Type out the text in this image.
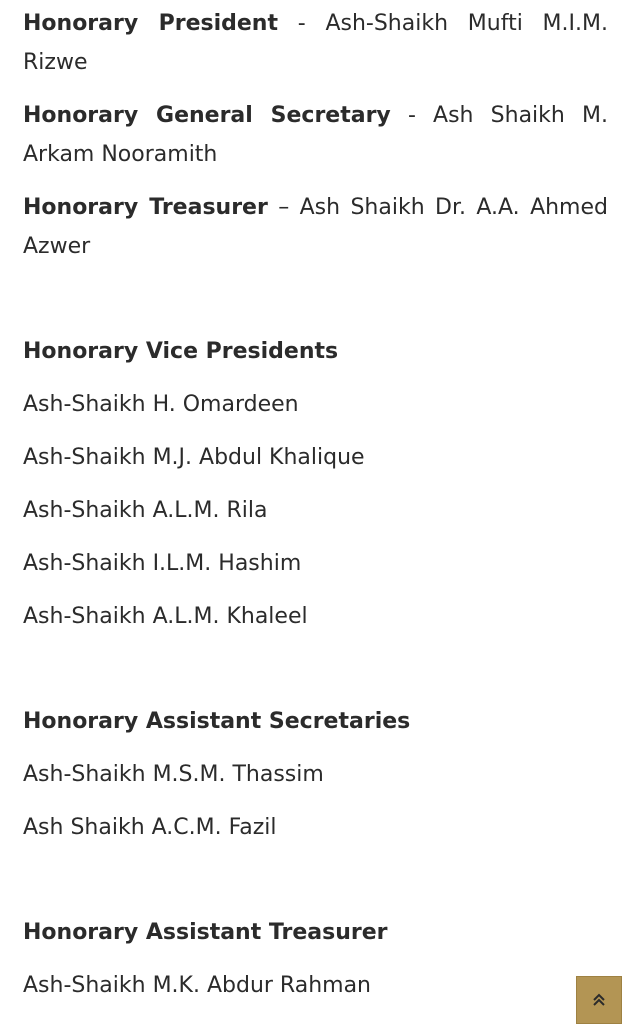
Honorary President - Ash-Shaikh Mufti M.I.M. Rizwe

Honorary General Secretary - Ash Shaikh M. Arkam Nooramith

Honorary Treasurer – Ash Shaikh Dr. A.A. Ahmed Azwer

Honorary Vice Presidents

Ash-Shaikh H. Omardeen

Ash-Shaikh M.J. Abdul Khalique

Ash-Shaikh A.L.M. Rila

Ash-Shaikh I.L.M. Hashim

Ash-Shaikh A.L.M. Khaleel

Honorary Assistant Secretaries

Ash-Shaikh M.S.M. Thassim

Ash Shaikh A.C.M. Fazil

Honorary Assistant Treasurer

Ash-Shaikh M.K. Abdur Rahman
